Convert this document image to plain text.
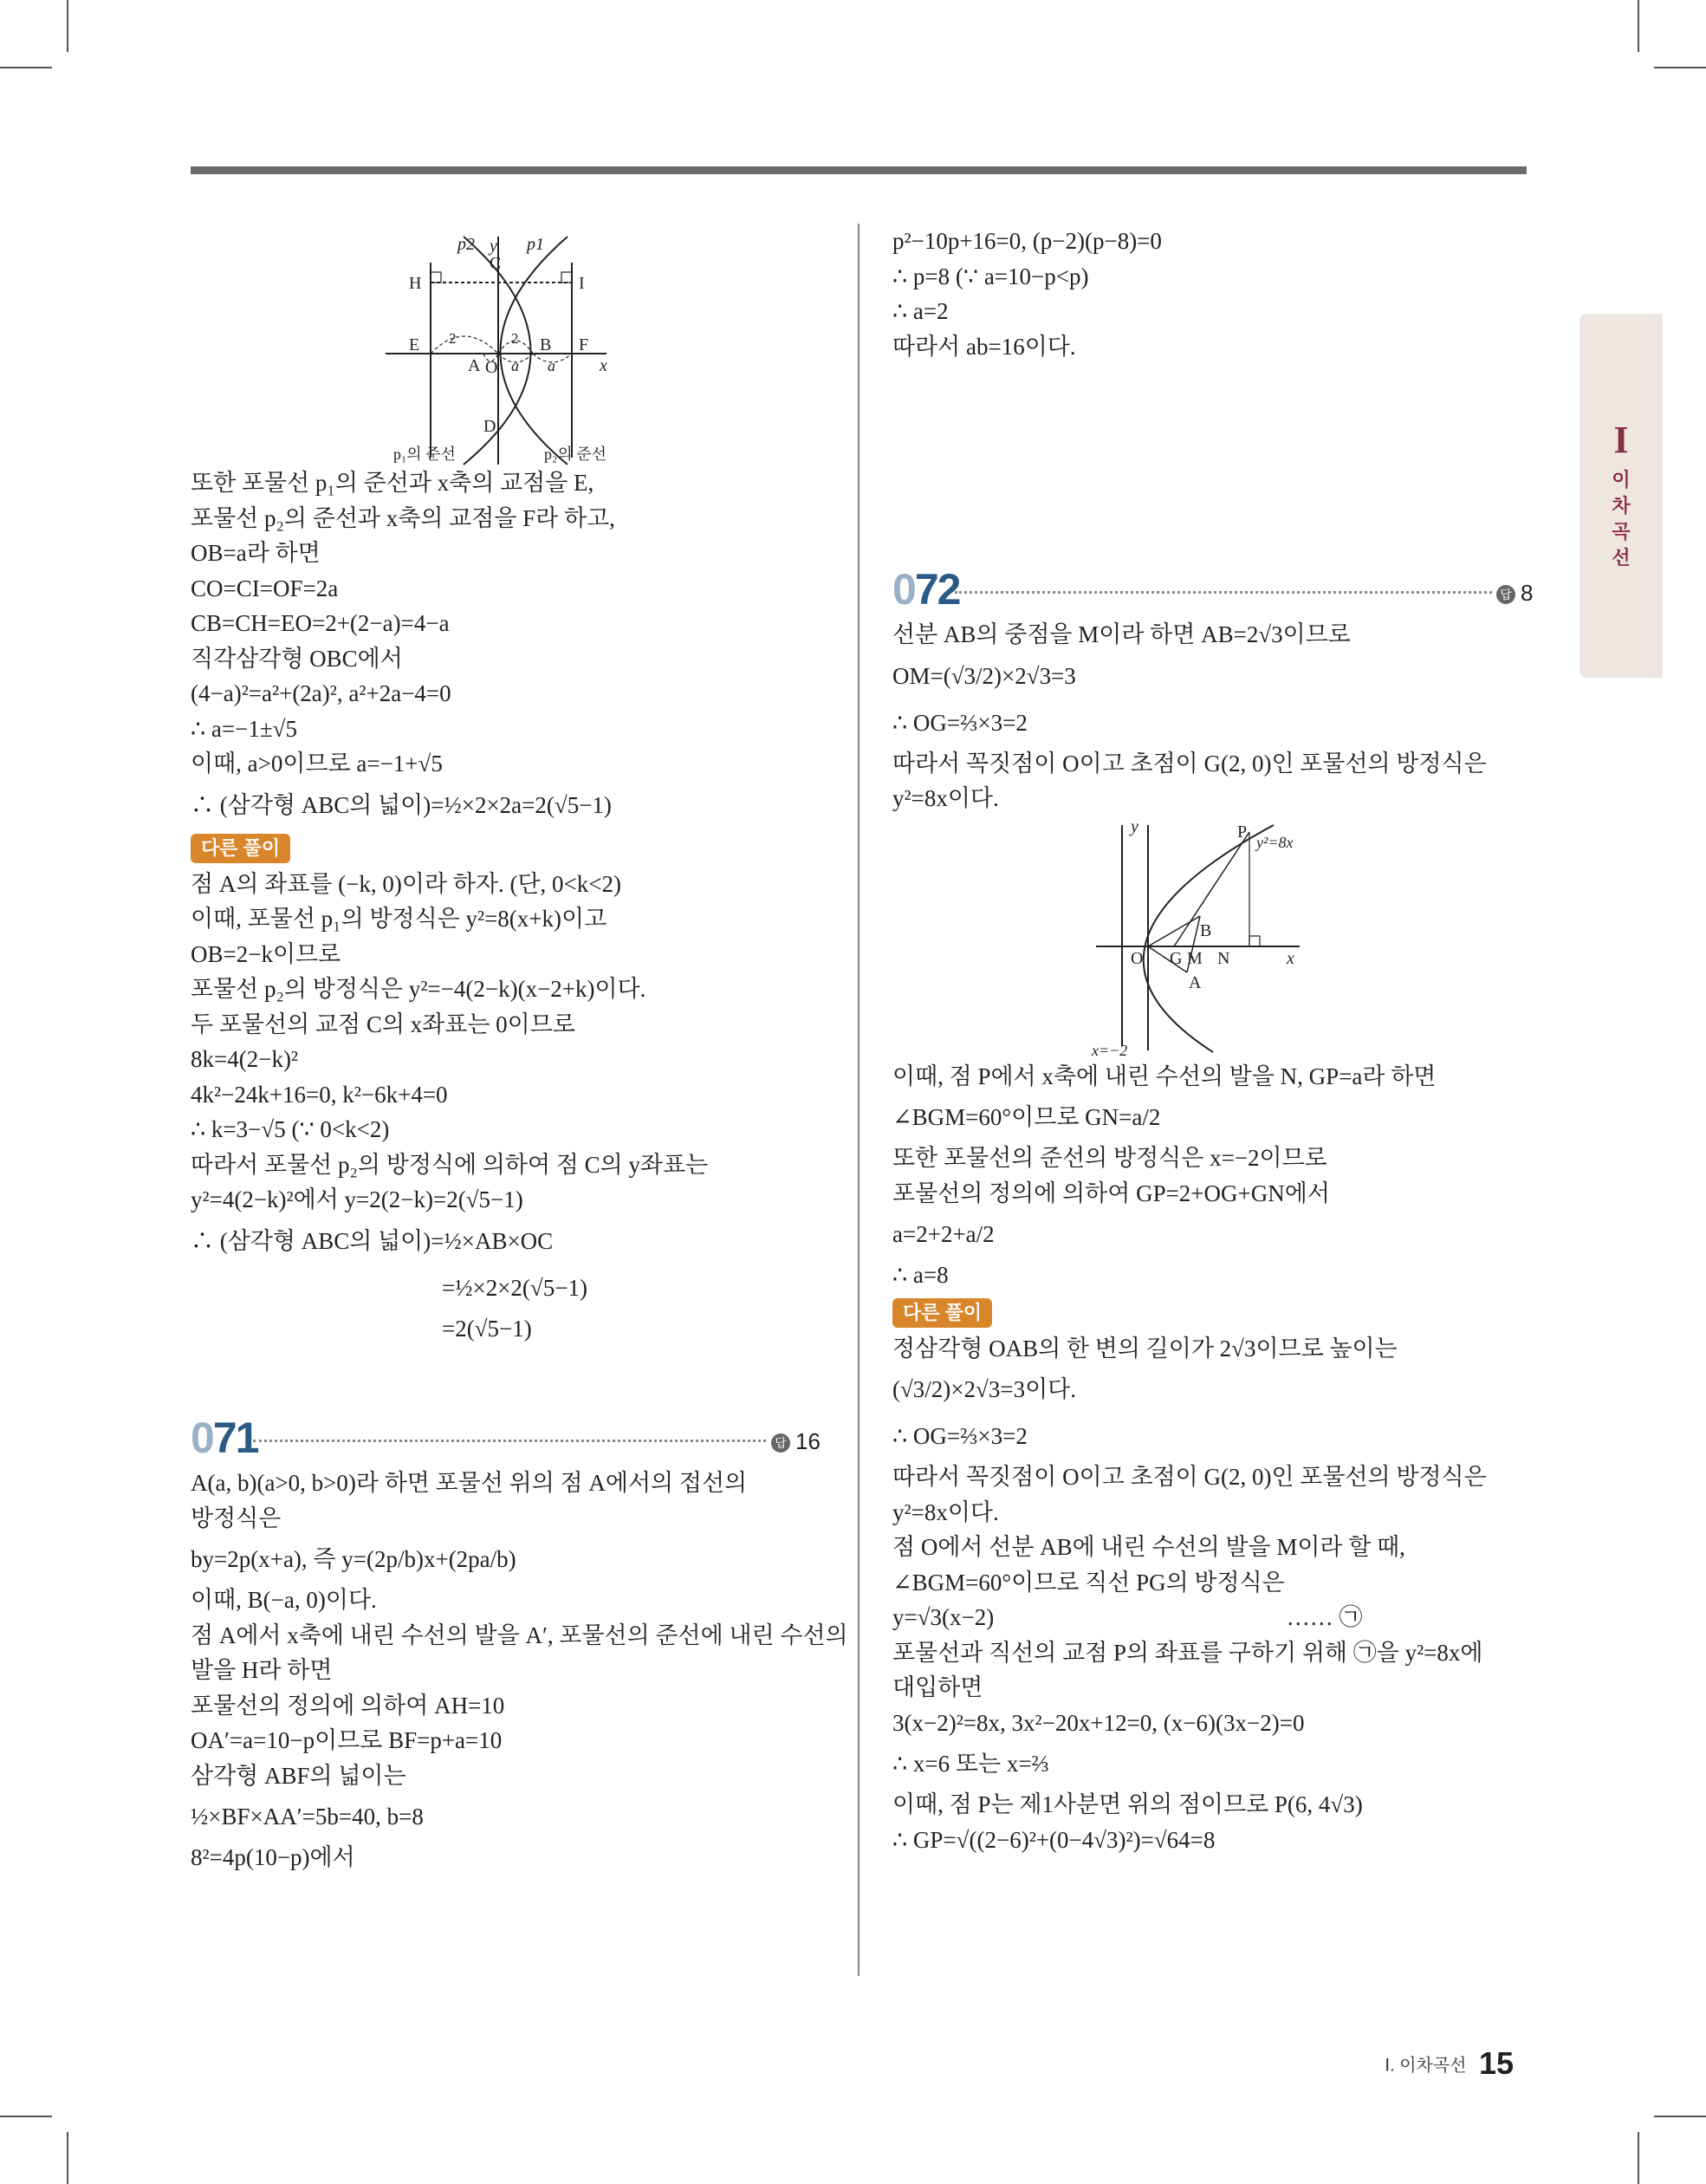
I
이
차
곡
선
p2 y p1
C
H	I
E 2	2 B F
A O a a	x
D
p₁의 준선	p₂의 준선
또한 포물선 p₁의 준선과 x축의 교점을 E,
포물선 p₂의 준선과 x축의 교점을 F라 하고,
OB=a라 하면
CO=CI=OF=2a
CB=CH=EO=2+(2−a)=4−a
직각삼각형 OBC에서
(4−a)²=a²+(2a)², a²+2a−4=0
∴ a=−1±√5
이때, a>0이므로 a=−1+√5
∴ (삼각형 ABC의 넓이)=½×2×2a=2(√5−1)
다른 풀이
점 A의 좌표를 (−k, 0)이라 하자. (단, 0<k<2)
이때, 포물선 p₁의 방정식은 y²=8(x+k)이고
OB=2−k이므로
포물선 p₂의 방정식은 y²=−4(2−k)(x−2+k)이다.
두 포물선의 교점 C의 x좌표는 0이므로
8k=4(2−k)²
4k²−24k+16=0, k²−6k+4=0
∴ k=3−√5 (∵ 0<k<2)
따라서 포물선 p₂의 방정식에 의하여 점 C의 y좌표는
y²=4(2−k)²에서 y=2(2−k)=2(√5−1)
∴ (삼각형 ABC의 넓이)=½×AB×OC
=½×2×2(√5−1)
=2(√5−1)
071	답 16
A(a, b)(a>0, b>0)라 하면 포물선 위의 점 A에서의 접선의
방정식은
by=2p(x+a), 즉 y=(2p/b)x+(2pa/b)
이때, B(−a, 0)이다.
점 A에서 x축에 내린 수선의 발을 A′, 포물선의 준선에 내린 수선의
발을 H라 하면
포물선의 정의에 의하여 AH=10
OA′=a=10−p이므로 BF=p+a=10
삼각형 ABF의 넓이는
½×BF×AA′=5b=40, b=8
8²=4p(10−p)에서
p²−10p+16=0, (p−2)(p−8)=0
∴ p=8 (∵ a=10−p<p)
∴ a=2
따라서 ab=16이다.
072	답 8
선분 AB의 중점을 M이라 하면 AB=2√3이므로
OM=(√3/2)×2√3=3
∴ OG=⅔×3=2
따라서 꼭짓점이 O이고 초점이 G(2, 0)인 포물선의 방정식은
y²=8x이다.
y	P
y²=8x
B
O G M N	x
A
x=−2
이때, 점 P에서 x축에 내린 수선의 발을 N, GP=a라 하면
∠BGM=60°이므로 GN=a/2
또한 포물선의 준선의 방정식은 x=−2이므로
포물선의 정의에 의하여 GP=2+OG+GN에서
a=2+2+a/2
∴ a=8
다른 풀이
정삼각형 OAB의 한 변의 길이가 2√3이므로 높이는
(√3/2)×2√3=3이다.
∴ OG=⅔×3=2
따라서 꼭짓점이 O이고 초점이 G(2, 0)인 포물선의 방정식은
y²=8x이다.
점 O에서 선분 AB에 내린 수선의 발을 M이라 할 때,
∠BGM=60°이므로 직선 PG의 방정식은
y=√3(x−2)                                                  …… ㉠
포물선과 직선의 교점 P의 좌표를 구하기 위해 ㉠을 y²=8x에
대입하면
3(x−2)²=8x, 3x²−20x+12=0, (x−6)(3x−2)=0
∴ x=6 또는 x=⅔
이때, 점 P는 제1사분면 위의 점이므로 P(6, 4√3)
∴ GP=√((2−6)²+(0−4√3)²)=√64=8
Ⅰ. 이차곡선 15
